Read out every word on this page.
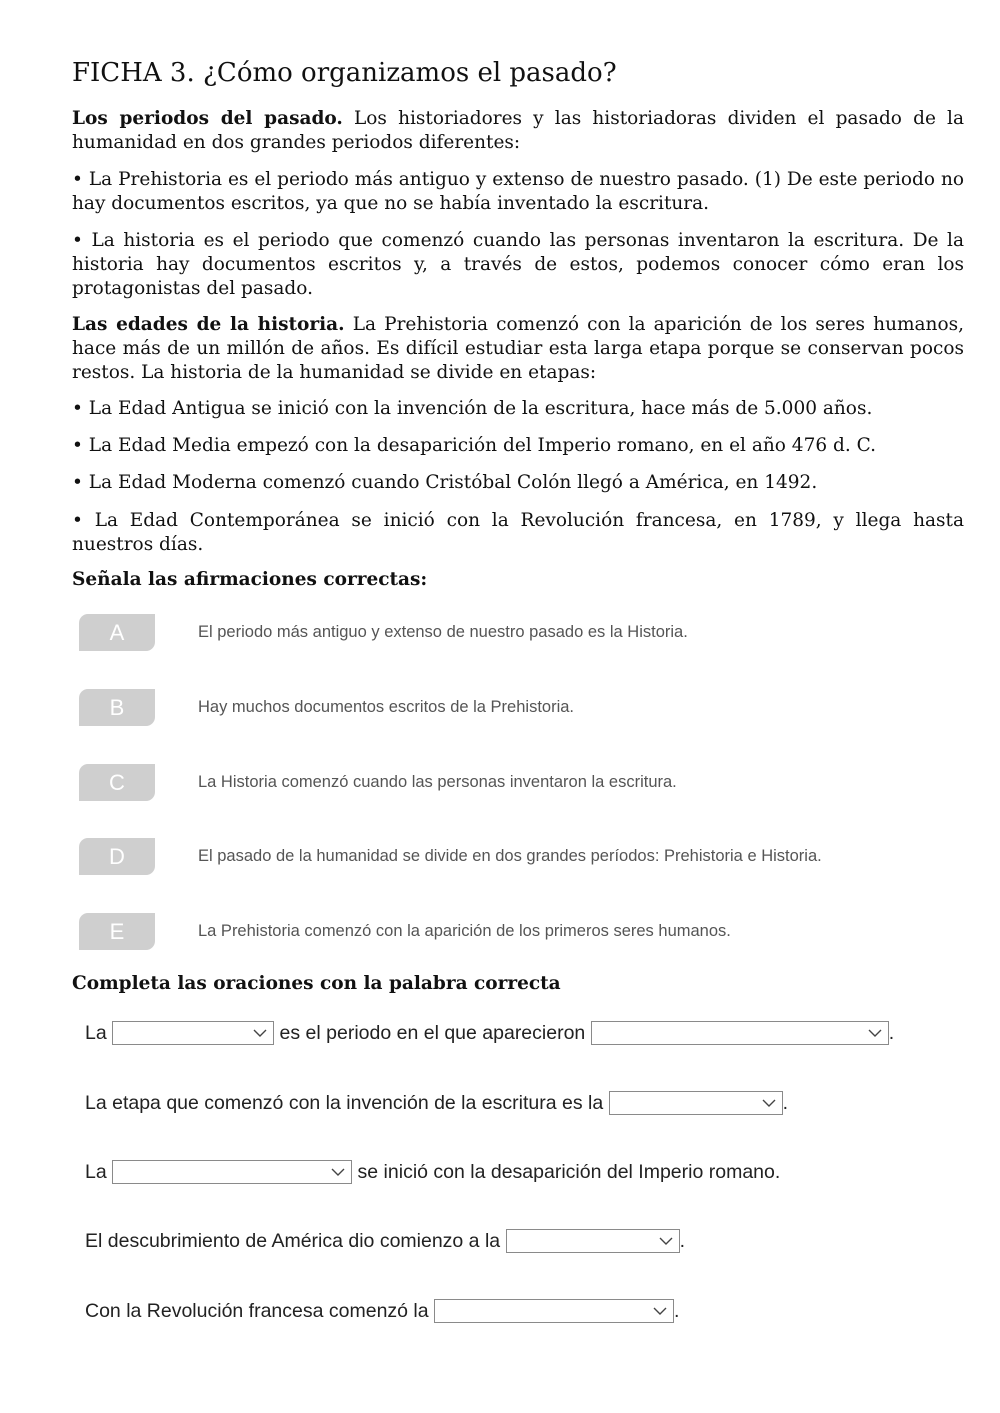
FICHA 3. ¿Cómo organizamos el pasado?

Los periodos del pasado. Los historiadores y las historiadoras dividen el pasado de la humanidad en dos grandes periodos diferentes:

• La Prehistoria es el periodo más antiguo y extenso de nuestro pasado. (1) De este periodo no hay documentos escritos, ya que no se había inventado la escritura.

• La historia es el periodo que comenzó cuando las personas inventaron la escritura. De la historia hay documentos escritos y, a través de estos, podemos conocer cómo eran los protagonistas del pasado.

Las edades de la historia. La Prehistoria comenzó con la aparición de los seres humanos, hace más de un millón de años. Es difícil estudiar esta larga etapa porque se conservan pocos restos. La historia de la humanidad se divide en etapas:

• La Edad Antigua se inició con la invención de la escritura, hace más de 5.000 años.

• La Edad Media empezó con la desaparición del Imperio romano, en el año 476 d. C.

• La Edad Moderna comenzó cuando Cristóbal Colón llegó a América, en 1492.

• La Edad Contemporánea se inició con la Revolución francesa, en 1789, y llega hasta nuestros días.

Señala las afirmaciones correctas:
A	El periodo más antiguo y extenso de nuestro pasado es la Historia.
B	Hay muchos documentos escritos de la Prehistoria.
C	La Historia comenzó cuando las personas inventaron la escritura.
D	El pasado de la humanidad se divide en dos grandes períodos: Prehistoria e Historia.
E	La Prehistoria comenzó con la aparición de los primeros seres humanos.
Completa las oraciones con la palabra correcta
La	es el periodo en el que aparecieron	.
La etapa que comenzó con la invención de la escritura es la	.
La	se inició con la desaparición del Imperio romano.
El descubrimiento de América dio comienzo a la	.
Con la Revolución francesa comenzó la	.
